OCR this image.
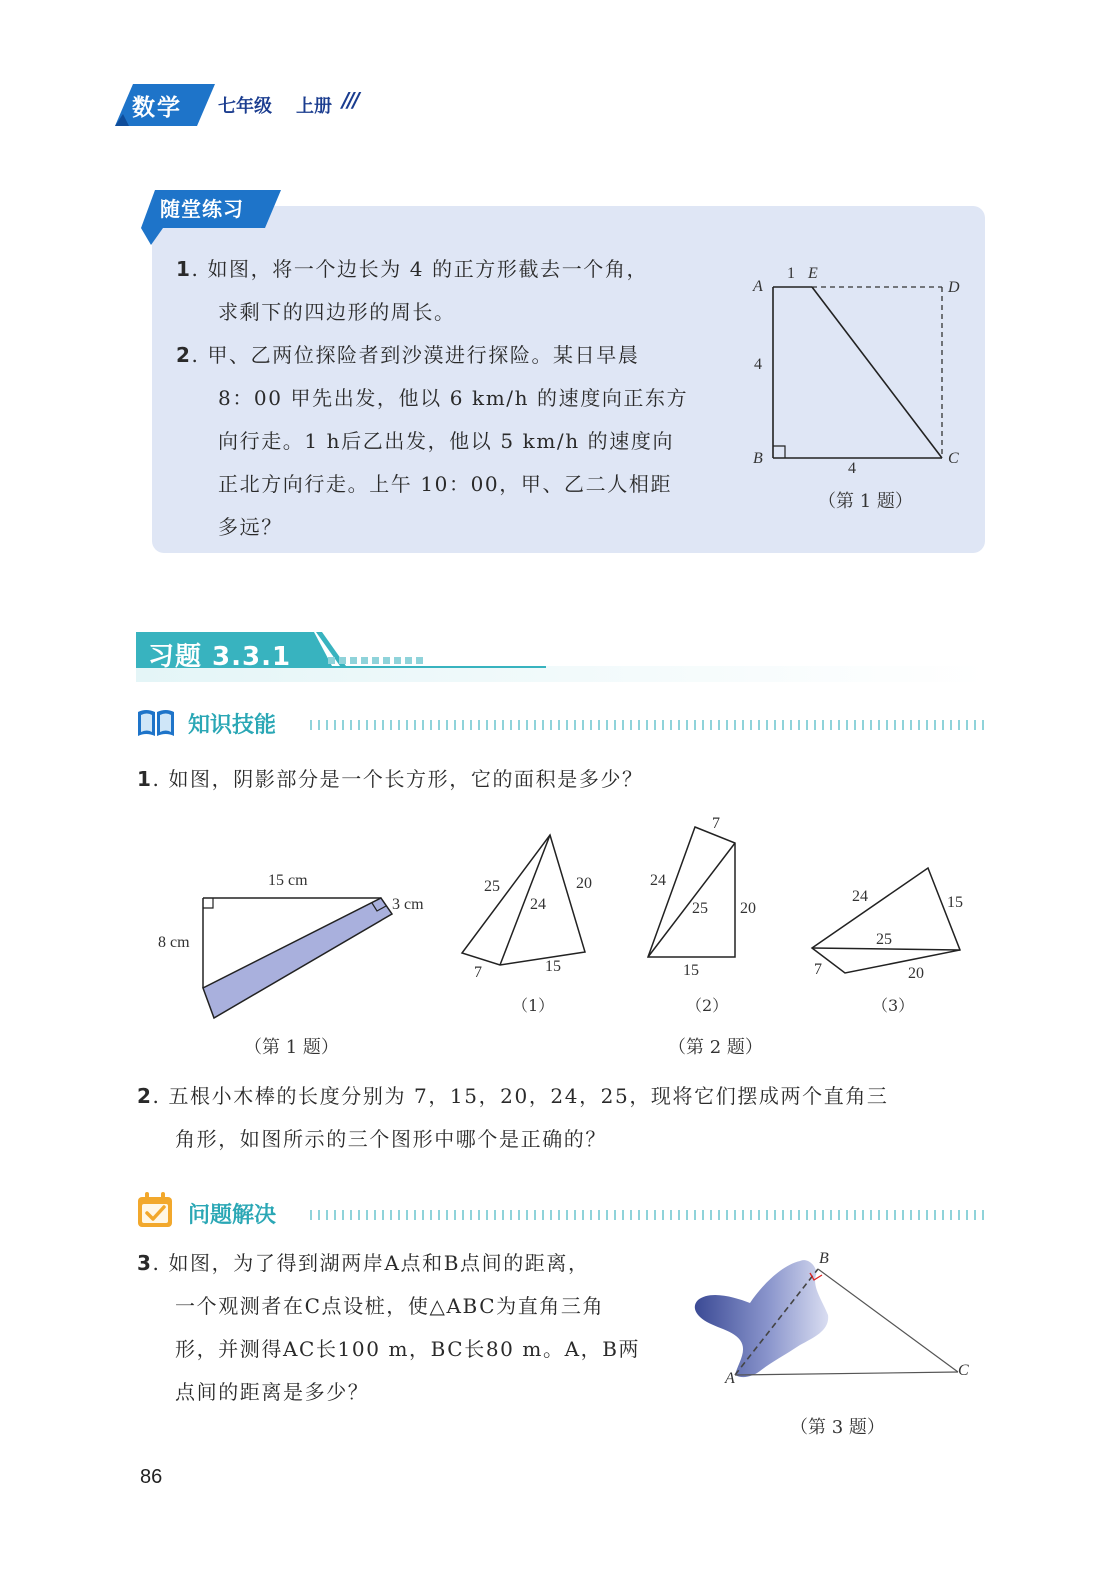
数学 七年级 上册 ///
随堂练习
1. 如图，将一个边长为 4 的正方形截去一个角，
求剩下的四边形的周长。
2. 甲、乙两位探险者到沙漠进行探险。某日早晨
8：00 甲先出发，他以 6 km/h 的速度向正东方
向行走。1 h后乙出发，他以 5 km/h 的速度向
正北方向行走。上午 10：00，甲、乙二人相距
多远？
A
1 E
D
4
B	C
4
（第 1 题）
习题 3.3.1
知识技能
1. 如图，阴影部分是一个长方形，它的面积是多少？
15 cm
3 cm
8 cm
（第 1 题）
25	20
24
7	15
（1）
7
24
25 20
15
（2）
24	15
25
7	20
（3）
（第 2 题）
2. 五根小木棒的长度分别为 7，15，20，24，25，现将它们摆成两个直角三
角形，如图所示的三个图形中哪个是正确的？
问题解决
3. 如图，为了得到湖两岸A点和B点间的距离，
一个观测者在C点设桩，使△ABC为直角三角
形，并测得AC长100 m，BC长80 m。A，B两
点间的距离是多少？
B
A	C
（第 3 题）
86
